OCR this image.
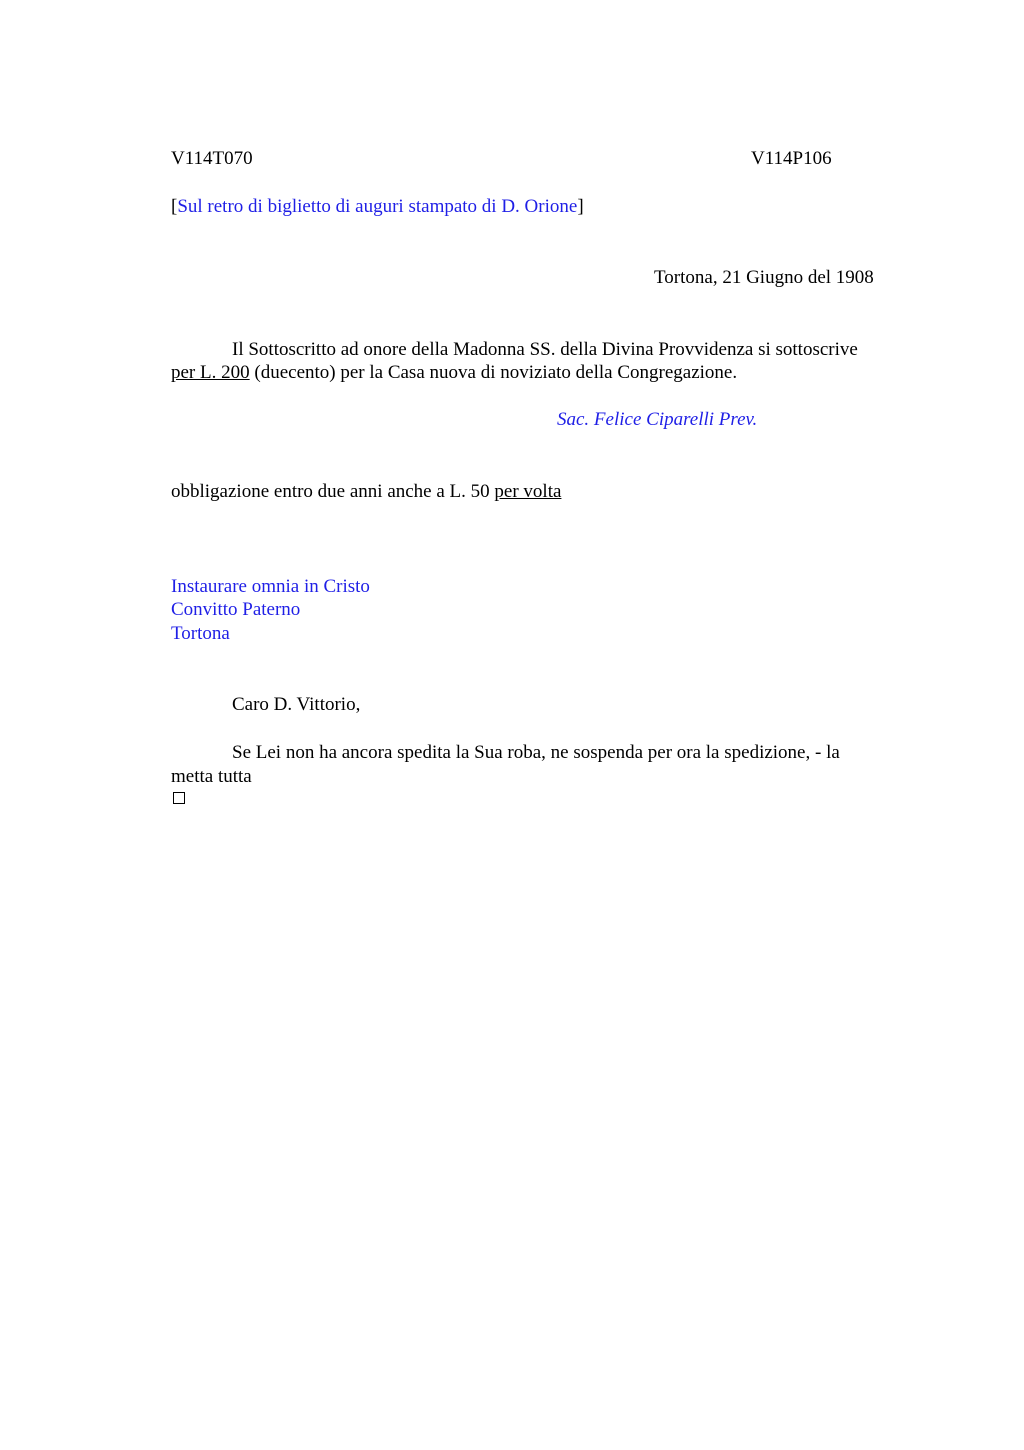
V114T070	V114P106
[Sul retro di biglietto di auguri stampato di D. Orione]
Tortona, 21 Giugno del 1908
Il Sottoscritto ad onore della Madonna SS. della Divina Provvidenza si sottoscrive
per L. 200 (duecento) per la Casa nuova di noviziato della Congregazione.
Sac. Felice Ciparelli Prev.
obbligazione entro due anni anche a L. 50 per volta
Instaurare omnia in Cristo
Convitto Paterno
Tortona
Caro D. Vittorio,
Se Lei non ha ancora spedita la Sua roba, ne sospenda per ora la spedizione, - la
metta tutta
